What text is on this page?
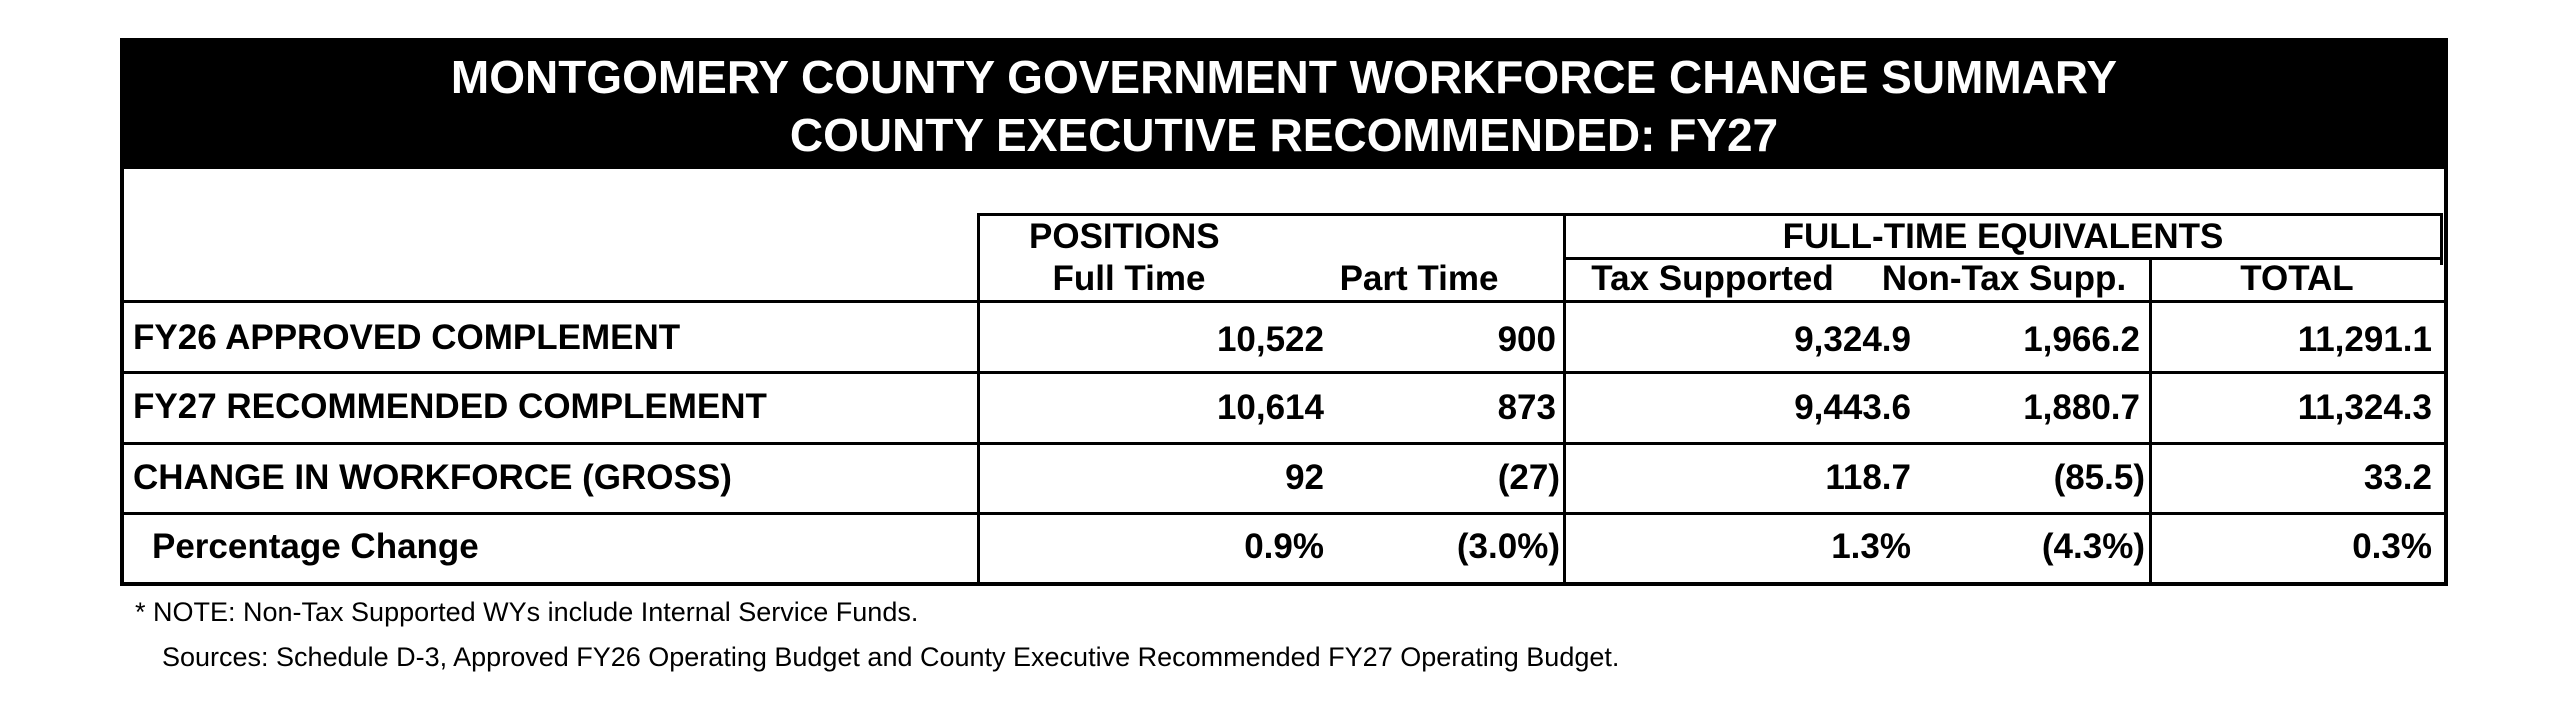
MONTGOMERY COUNTY GOVERNMENT WORKFORCE CHANGE SUMMARY
COUNTY EXECUTIVE RECOMMENDED: FY27
POSITIONS	FULL-TIME EQUIVALENTS
Full Time	Part Time	Tax Supported	Non-Tax Supp.	TOTAL
FY26 APPROVED COMPLEMENT	10,522	900	9,324.9	1,966.2	11,291.1
FY27 RECOMMENDED COMPLEMENT	10,614	873	9,443.6	1,880.7	11,324.3
CHANGE IN WORKFORCE (GROSS)	92	(27)	118.7	(85.5)	33.2
Percentage Change	0.9%	(3.0%)	1.3%	(4.3%)	0.3%
* NOTE: Non-Tax Supported WYs include Internal Service Funds.
Sources: Schedule D-3, Approved FY26 Operating Budget and County Executive Recommended FY27 Operating Budget.
